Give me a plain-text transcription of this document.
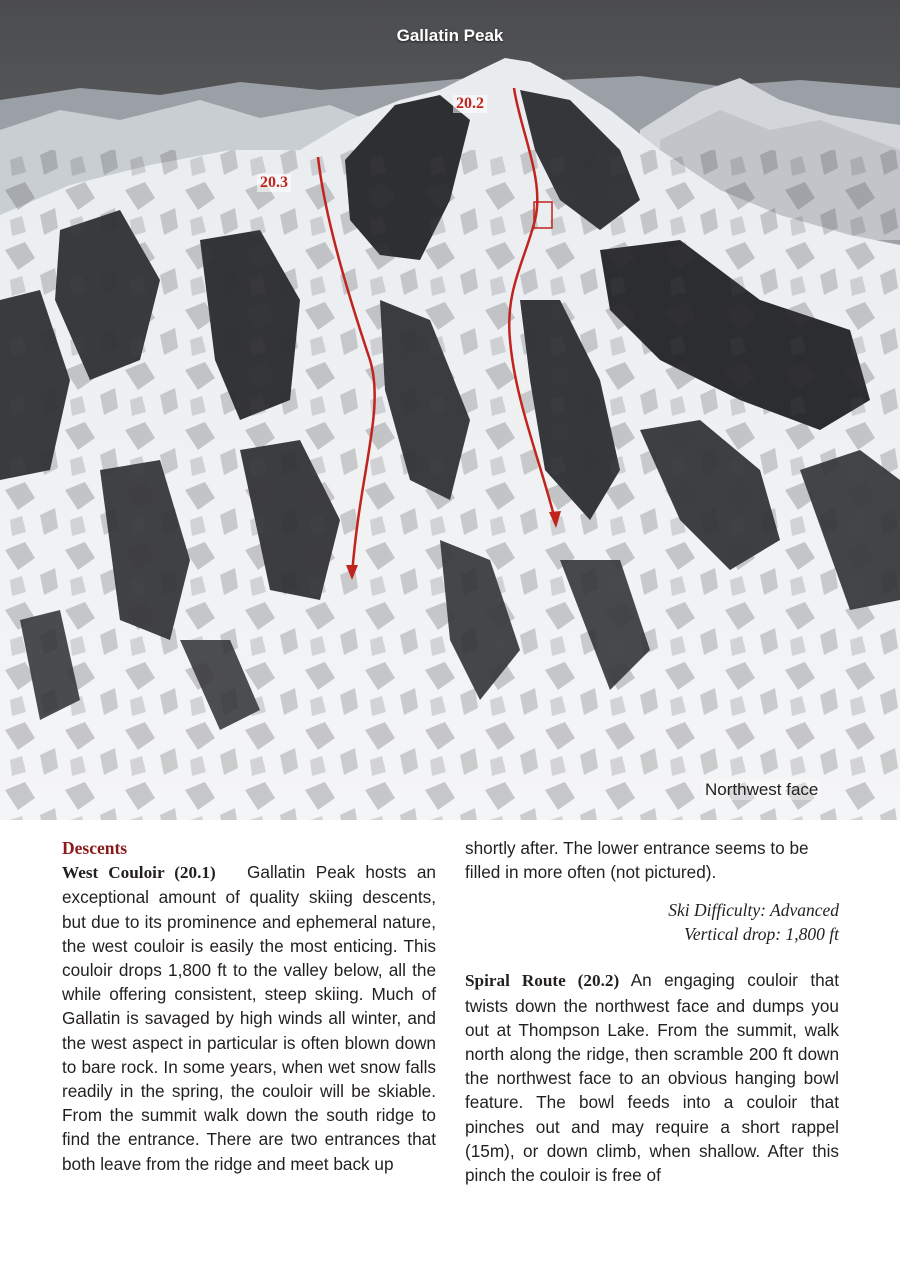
Gallatin Peak
20.3
20.2
Northwest face
Descents

West Couloir (20.1) Gallatin Peak hosts an exceptional amount of quality skiing descents, but due to its prominence and ephemeral nature, the west couloir is easily the most enticing. This couloir drops 1,800 ft to the valley below, all the while offering consistent, steep skiing. Much of Gallatin is savaged by high winds all winter, and the west aspect in particular is often blown down to bare rock. In some years, when wet snow falls readily in the spring, the couloir will be skiable. From the summit walk down the south ridge to find the entrance. There are two entrances that both leave from the ridge and meet back up

shortly after. The lower entrance seems to be filled in more often (not pictured).

Ski Difficulty: Advanced
Vertical drop: 1,800 ft

Spiral Route (20.2) An engaging couloir that twists down the northwest face and dumps you out at Thompson Lake. From the summit, walk north along the ridge, then scramble 200 ft down the northwest face to an obvious hanging bowl feature. The bowl feeds into a couloir that pinches out and may require a short rappel (15m), or down climb, when shallow. After this pinch the couloir is free of
